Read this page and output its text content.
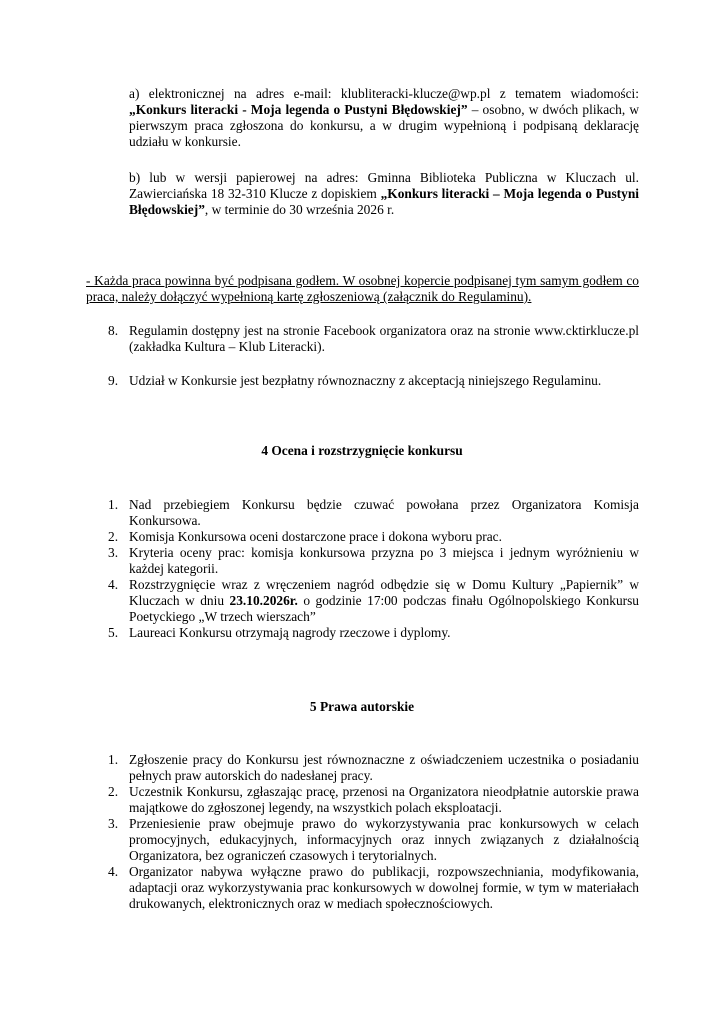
a) elektronicznej na adres e-mail: klubliteracki-klucze@wp.pl z tematem wiadomości: „Konkurs literacki - Moja legenda o Pustyni Błędowskiej” – osobno, w dwóch plikach, w pierwszym praca zgłoszona do konkursu, a w drugim wypełnioną i podpisaną deklarację udziału w konkursie.

b) lub w wersji papierowej na adres: Gminna Biblioteka Publiczna w Kluczach ul. Zawierciańska 18 32-310 Klucze z dopiskiem „Konkurs literacki – Moja legenda o Pustyni Błędowskiej”, w terminie do 30 września 2026 r.

- Każda praca powinna być podpisana godłem. W osobnej kopercie podpisanej tym samym godłem co praca, należy dołączyć wypełnioną kartę zgłoszeniową (załącznik do Regulaminu).

8. Regulamin dostępny jest na stronie Facebook organizatora oraz na stronie www.cktirklucze.pl (zakładka Kultura – Klub Literacki).
9. Udział w Konkursie jest bezpłatny równoznaczny z akceptacją niniejszego Regulaminu.
4 Ocena i rozstrzygnięcie konkursu
1. Nad przebiegiem Konkursu będzie czuwać powołana przez Organizatora Komisja Konkursowa.
2. Komisja Konkursowa oceni dostarczone prace i dokona wyboru prac.
3. Kryteria oceny prac: komisja konkursowa przyzna po 3 miejsca i jednym wyróżnieniu w każdej kategorii.
4. Rozstrzygnięcie wraz z wręczeniem nagród odbędzie się w Domu Kultury „Papiernik” w Kluczach w dniu 23.10.2026r. o godzinie 17:00 podczas finału Ogólnopolskiego Konkursu Poetyckiego „W trzech wierszach”
5. Laureaci Konkursu otrzymają nagrody rzeczowe i dyplomy.
5 Prawa autorskie
1. Zgłoszenie pracy do Konkursu jest równoznaczne z oświadczeniem uczestnika o posiadaniu pełnych praw autorskich do nadesłanej pracy.
2. Uczestnik Konkursu, zgłaszając pracę, przenosi na Organizatora nieodpłatnie autorskie prawa majątkowe do zgłoszonej legendy, na wszystkich polach eksploatacji.
3. Przeniesienie praw obejmuje prawo do wykorzystywania prac konkursowych w celach promocyjnych, edukacyjnych, informacyjnych oraz innych związanych z działalnością Organizatora, bez ograniczeń czasowych i terytorialnych.
4. Organizator nabywa wyłączne prawo do publikacji, rozpowszechniania, modyfikowania, adaptacji oraz wykorzystywania prac konkursowych w dowolnej formie, w tym w materiałach drukowanych, elektronicznych oraz w mediach społecznościowych.
